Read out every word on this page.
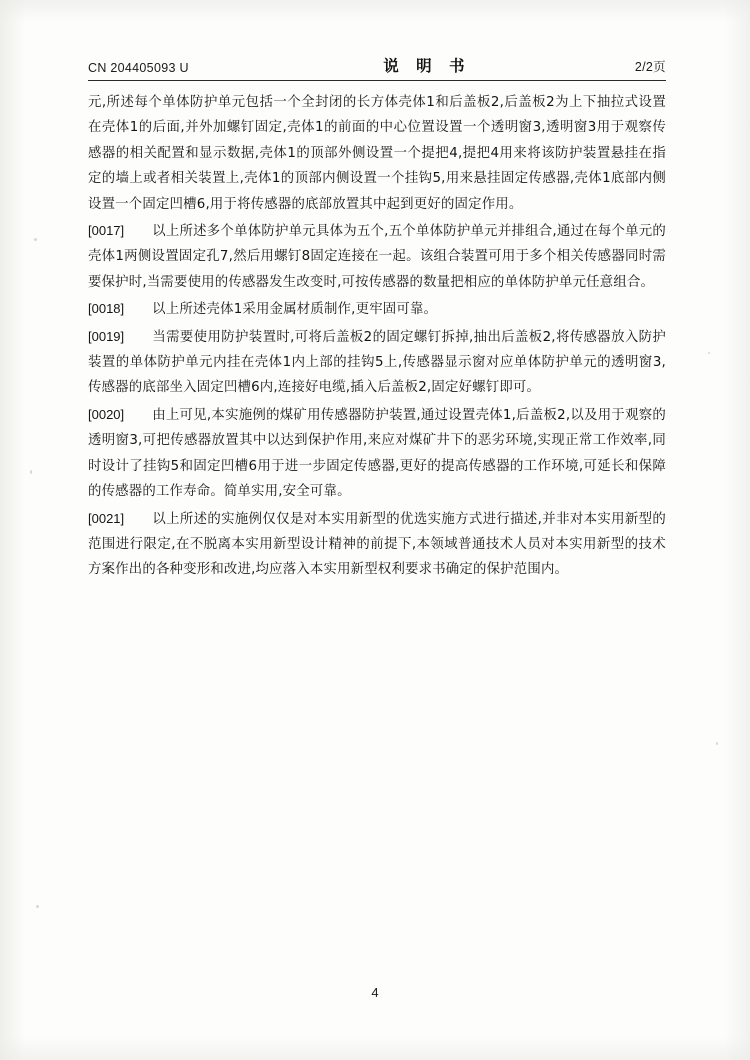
CN 204405093 U	说 明 书	2/2页

元,所述每个单体防护单元包括一个全封闭的长方体壳体1和后盖板2,后盖板2为上下抽拉式设置在壳体1的后面,并外加螺钉固定,壳体1的前面的中心位置设置一个透明窗3,透明窗3用于观察传感器的相关配置和显示数据,壳体1的顶部外侧设置一个提把4,提把4用来将该防护装置悬挂在指定的墙上或者相关装置上,壳体1的顶部内侧设置一个挂钩5,用来悬挂固定传感器,壳体1底部内侧设置一个固定凹槽6,用于将传感器的底部放置其中起到更好的固定作用。

[0017] 以上所述多个单体防护单元具体为五个,五个单体防护单元并排组合,通过在每个单元的壳体1两侧设置固定孔7,然后用螺钉8固定连接在一起。该组合装置可用于多个相关传感器同时需要保护时,当需要使用的传感器发生改变时,可按传感器的数量把相应的单体防护单元任意组合。

[0018] 以上所述壳体1采用金属材质制作,更牢固可靠。

[0019] 当需要使用防护装置时,可将后盖板2的固定螺钉拆掉,抽出后盖板2,将传感器放入防护装置的单体防护单元内挂在壳体1内上部的挂钩5上,传感器显示窗对应单体防护单元的透明窗3,传感器的底部坐入固定凹槽6内,连接好电缆,插入后盖板2,固定好螺钉即可。

[0020] 由上可见,本实施例的煤矿用传感器防护装置,通过设置壳体1,后盖板2,以及用于观察的透明窗3,可把传感器放置其中以达到保护作用,来应对煤矿井下的恶劣环境,实现正常工作效率,同时设计了挂钩5和固定凹槽6用于进一步固定传感器,更好的提高传感器的工作环境,可延长和保障的传感器的工作寿命。简单实用,安全可靠。

[0021] 以上所述的实施例仅仅是对本实用新型的优选实施方式进行描述,并非对本实用新型的范围进行限定,在不脱离本实用新型设计精神的前提下,本领域普通技术人员对本实用新型的技术方案作出的各种变形和改进,均应落入本实用新型权利要求书确定的保护范围内。

4
